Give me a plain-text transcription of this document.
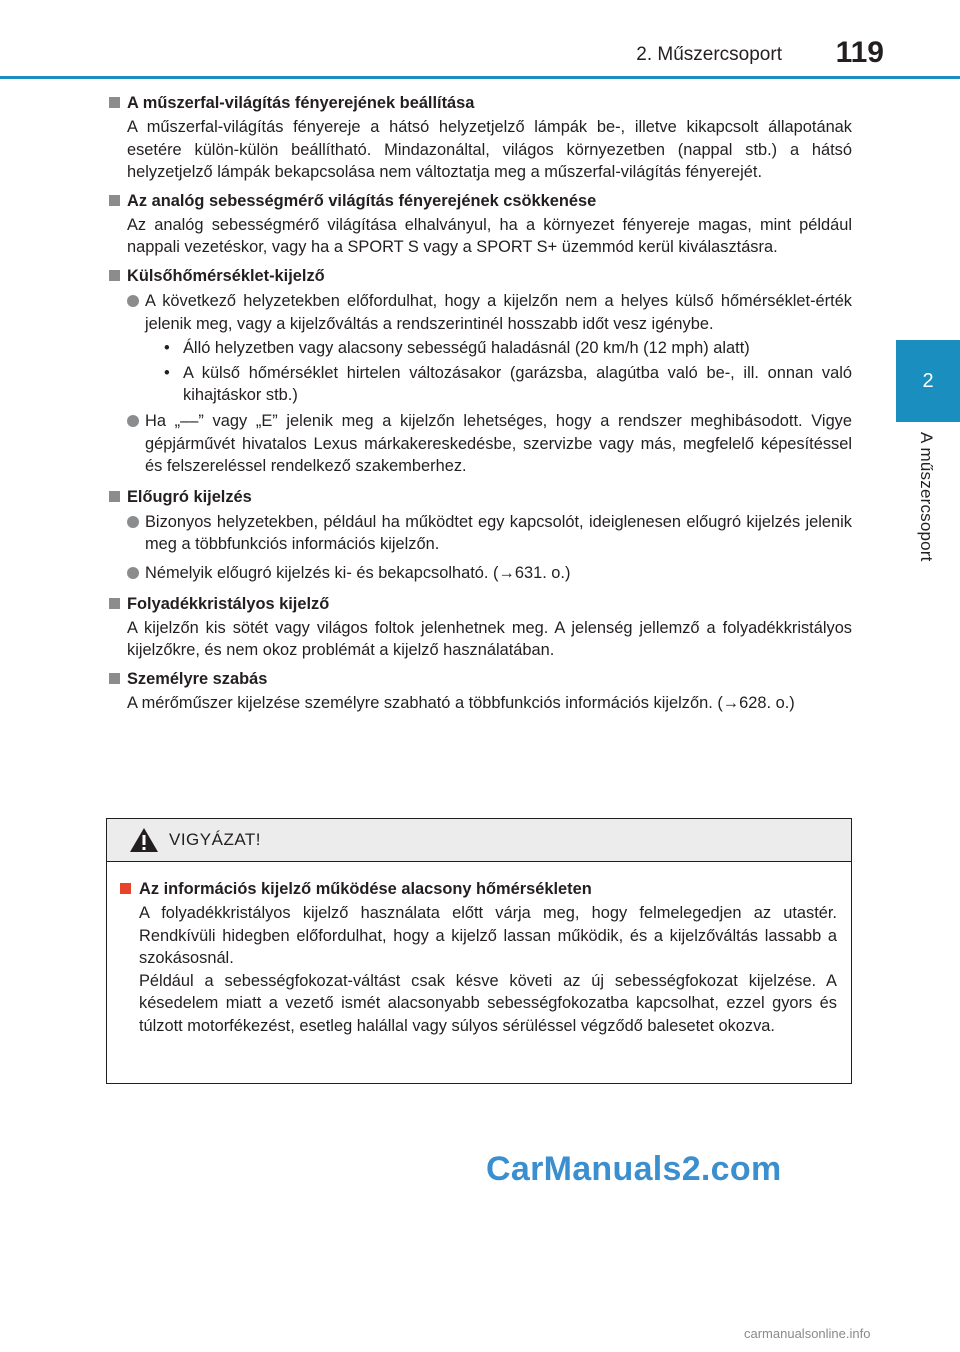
2. Műszercsoport 119
2
A műszercsoport
A műszerfal-világítás fényerejének beállítása
A műszerfal-világítás fényereje a hátsó helyzetjelző lámpák be-, illetve kikapcsolt állapotának esetére külön-külön beállítható. Mindazonáltal, világos környezetben (nappal stb.) a hátsó helyzetjelző lámpák bekapcsolása nem változtatja meg a műszerfal-világítás fényerejét.
Az analóg sebességmérő világítás fényerejének csökkenése
Az analóg sebességmérő világítása elhalványul, ha a környezet fényereje magas, mint például nappali vezetéskor, vagy ha a SPORT S vagy a SPORT S+ üzemmód kerül kiválasztásra.
Külsőhőmérséklet-kijelző
A következő helyzetekben előfordulhat, hogy a kijelzőn nem a helyes külső hőmérséklet-érték jelenik meg, vagy a kijelzőváltás a rendszerintinél hosszabb időt vesz igénybe.
• Álló helyzetben vagy alacsony sebességű haladásnál (20 km/h (12 mph) alatt)
• A külső hőmérséklet hirtelen változásakor (garázsba, alagútba való be-, ill. onnan való kihajtáskor stb.)
Ha „––” vagy „E” jelenik meg a kijelzőn lehetséges, hogy a rendszer meghibásodott. Vigye gépjárművét hivatalos Lexus márkakereskedésbe, szervizbe vagy más, megfelelő képesítéssel és felszereléssel rendelkező szakemberhez.
Előugró kijelzés
Bizonyos helyzetekben, például ha működtet egy kapcsolót, ideiglenesen előugró kijelzés jelenik meg a többfunkciós információs kijelzőn.
Némelyik előugró kijelzés ki- és bekapcsolható. (→631. o.)
Folyadékkristályos kijelző
A kijelzőn kis sötét vagy világos foltok jelenhetnek meg. A jelenség jellemző a folyadékkristályos kijelzőkre, és nem okoz problémát a kijelző használatában.
Személyre szabás
A mérőműszer kijelzése személyre szabható a többfunkciós információs kijelzőn. (→628. o.)
VIGYÁZAT!
Az információs kijelző működése alacsony hőmérsékleten
A folyadékkristályos kijelző használata előtt várja meg, hogy felmelegedjen az utastér. Rendkívüli hidegben előfordulhat, hogy a kijelző lassan működik, és a kijelzőváltás lassabb a szokásosnál.
Például a sebességfokozat-váltást csak késve követi az új sebességfokozat kijelzése. A késedelem miatt a vezető ismét alacsonyabb sebességfokozatba kapcsolhat, ezzel gyors és túlzott motorfékezést, esetleg halállal vagy súlyos sérüléssel végződő balesetet okozva.
CarManuals2.com
carmanualsonline.info
